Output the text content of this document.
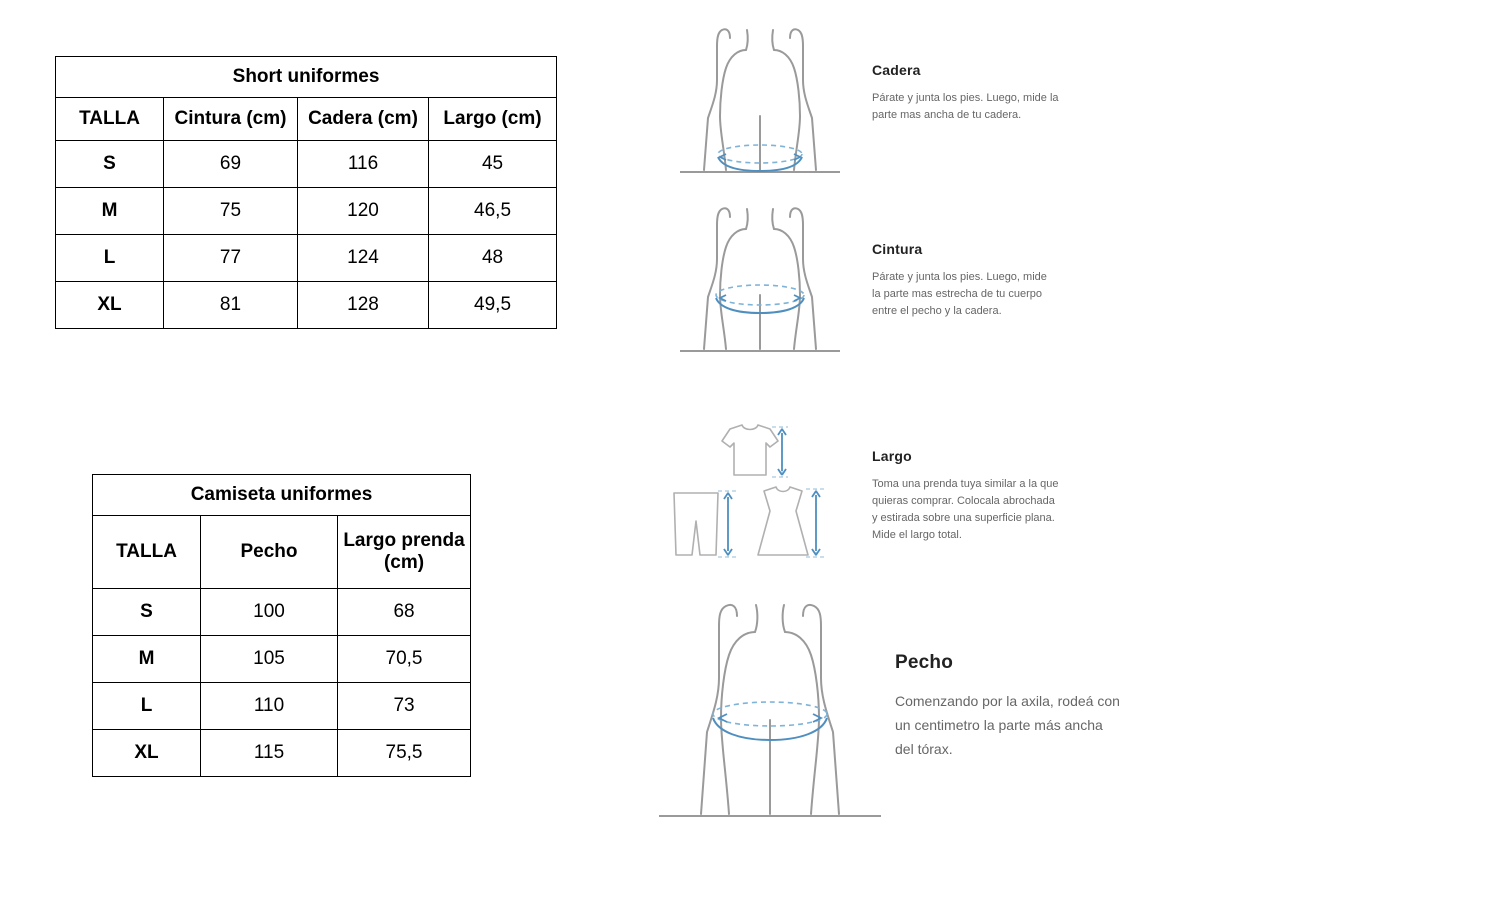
Short uniformes			
TALLA	Cintura (cm)	Cadera (cm)	Largo (cm)
S	69	116	45
M	75	120	46,5
L	77	124	48
XL	81	128	49,5
Camiseta uniformes		
TALLA	Pecho	Largo prenda (cm)
S	100	68
M	105	70,5
L	110	73
XL	115	75,5
Cadera
Párate y junta los pies. Luego, mide la parte mas ancha de tu cadera.
Cintura
Párate y junta los pies. Luego, mide la parte mas estrecha de tu cuerpo entre el pecho y la cadera.
Largo
Toma una prenda tuya similar a la que quieras comprar. Colocala abrochada y estirada sobre una superficie plana. Mide el largo total.
Pecho
Comenzando por la axila, rodeá con un centimetro la parte más ancha del tórax.
